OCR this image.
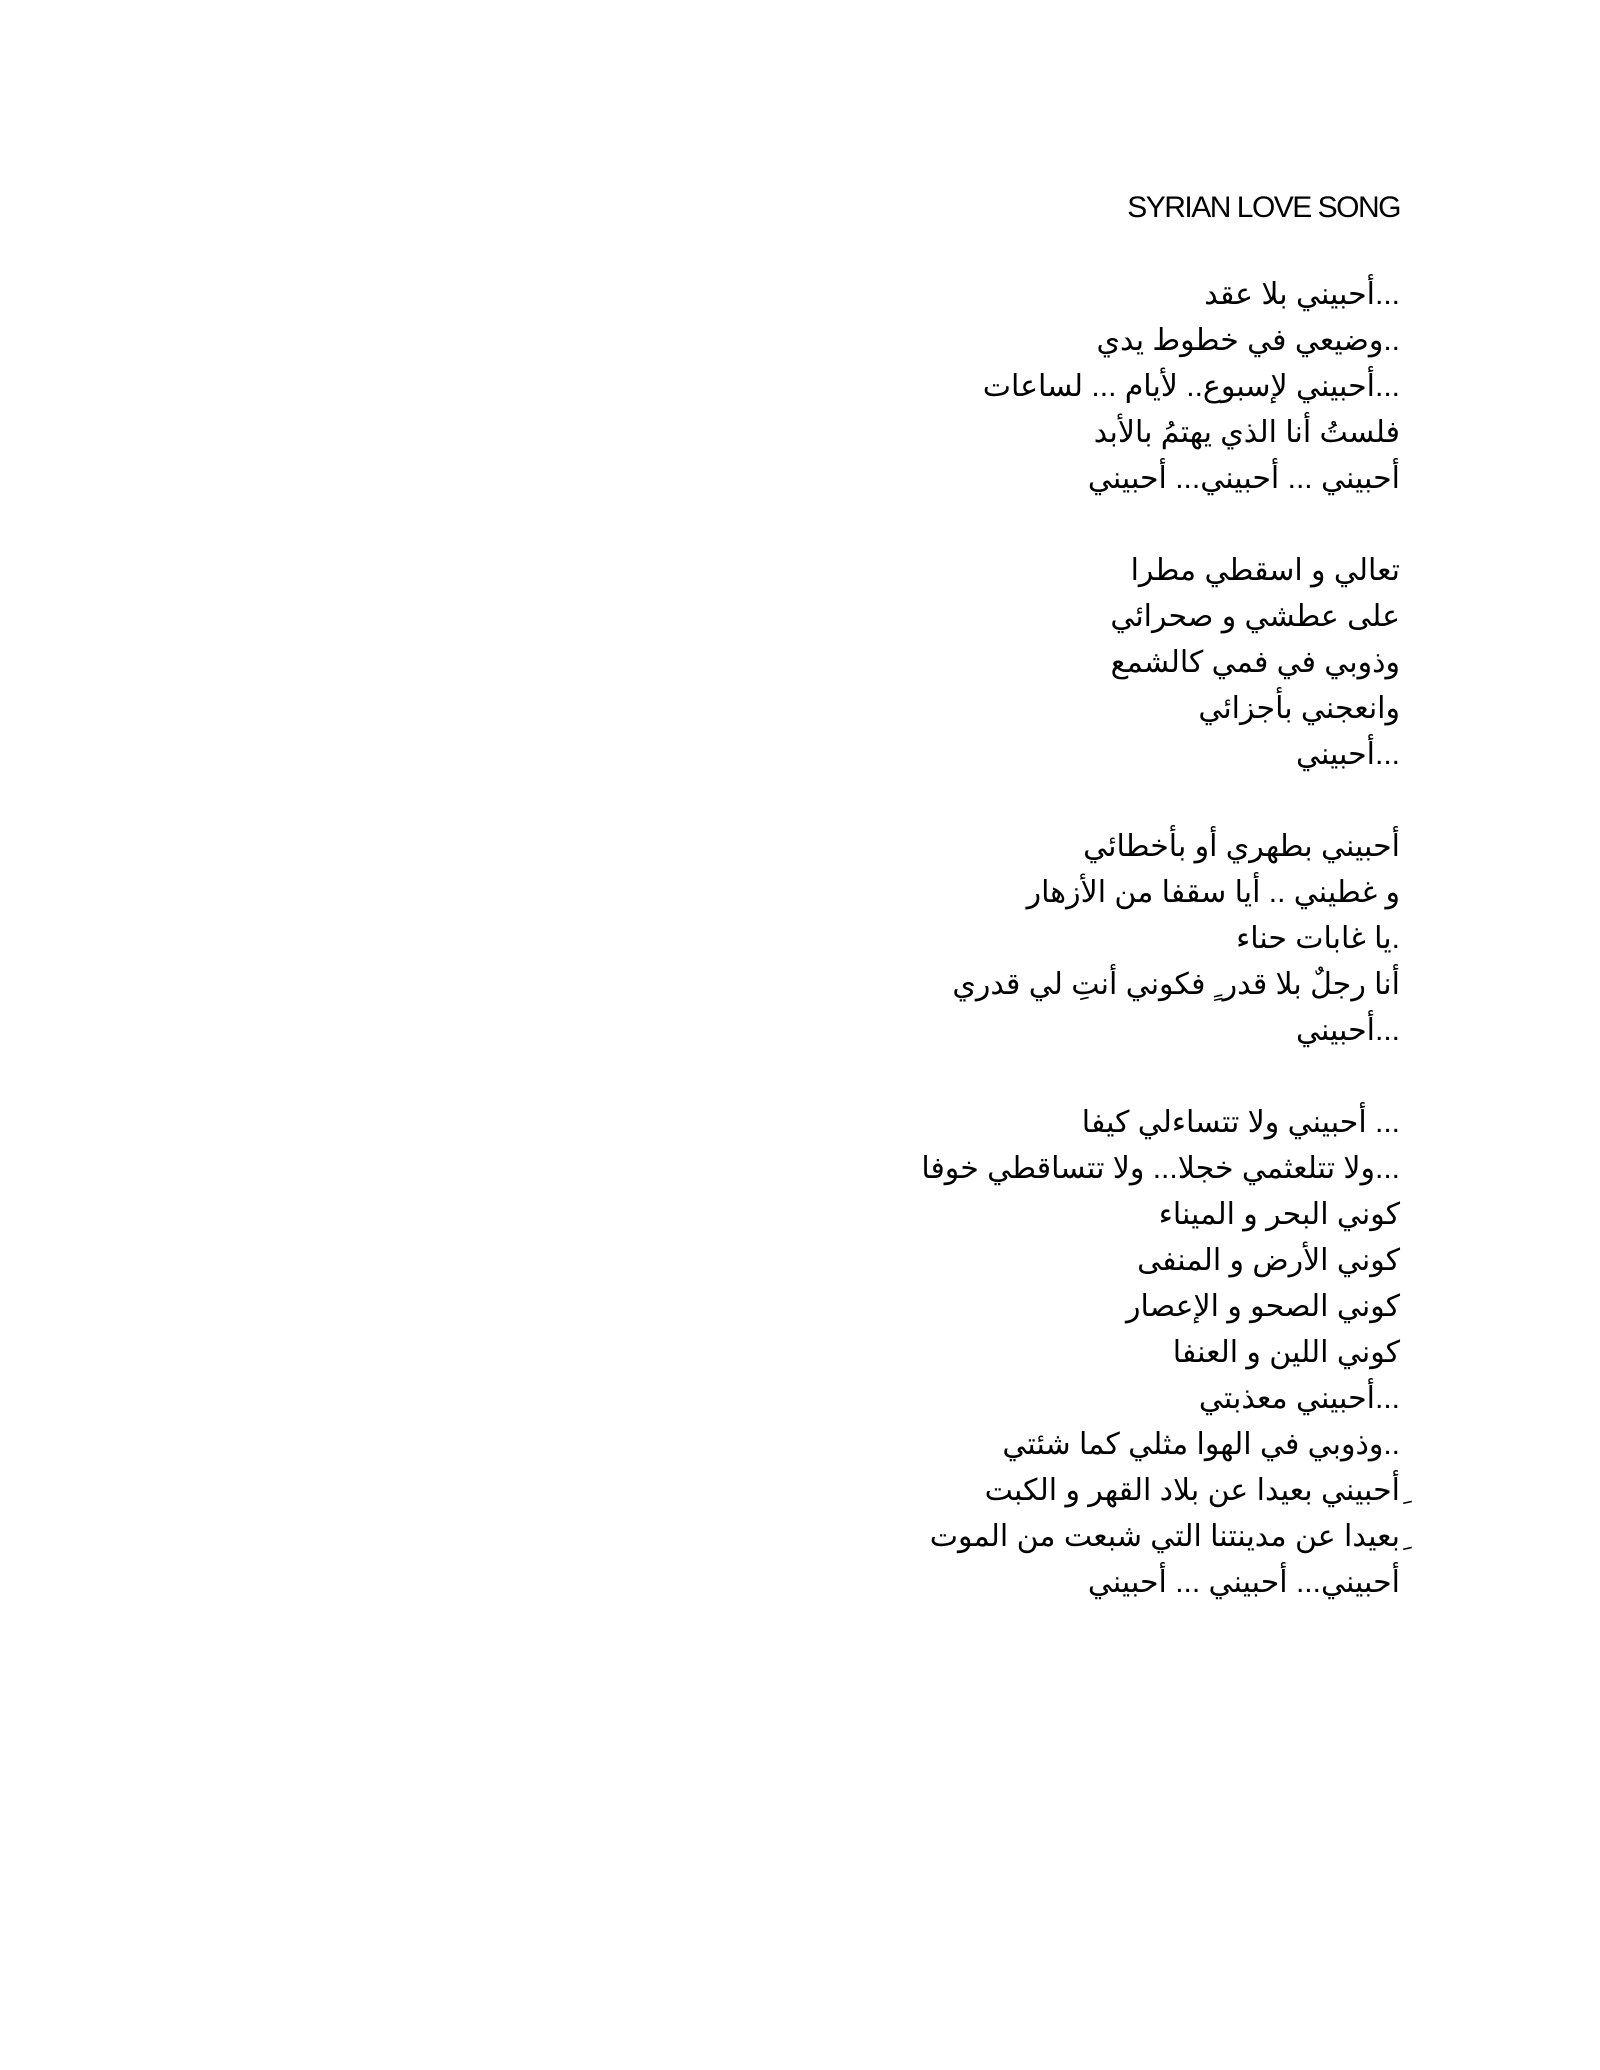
SYRIAN LOVE SONG
...أحبيني بلا عقد
..وضيعي في خطوط يدي
...أحبيني لإسبوع.. لأيام ... لساعات
فلستُ أنا الذي يهتمُ بالأبد
أحبيني ... أحبيني... أحبيني
تعالي و اسقطي مطرا
على عطشي و صحرائي
وذوبي في فمي كالشمع
وانعجني بأجزائي
...أحبيني
أحبيني بطهري أو بأخطائي
و غطيني .. أيا سقفا من الأزهار
.يا غابات حناء
أنا رجلٌ بلا قدر ٍ فكوني أنتِ لي قدري
...أحبيني
... أحبيني ولا تتساءلي كيفا
...ولا تتلعثمي خجلا... ولا تتساقطي خوفا
كوني البحر و الميناء
كوني الأرض و المنفى
كوني الصحو و الإعصار
كوني اللين و العنفا
...أحبيني معذبتي
..وذوبي في الهوا مثلي كما شئتي
ِأحبيني بعيدا عن بلاد القهر و الكبت
ِبعيدا عن مدينتنا التي شبعت من الموت
أحبيني... أحبيني ... أحبيني
